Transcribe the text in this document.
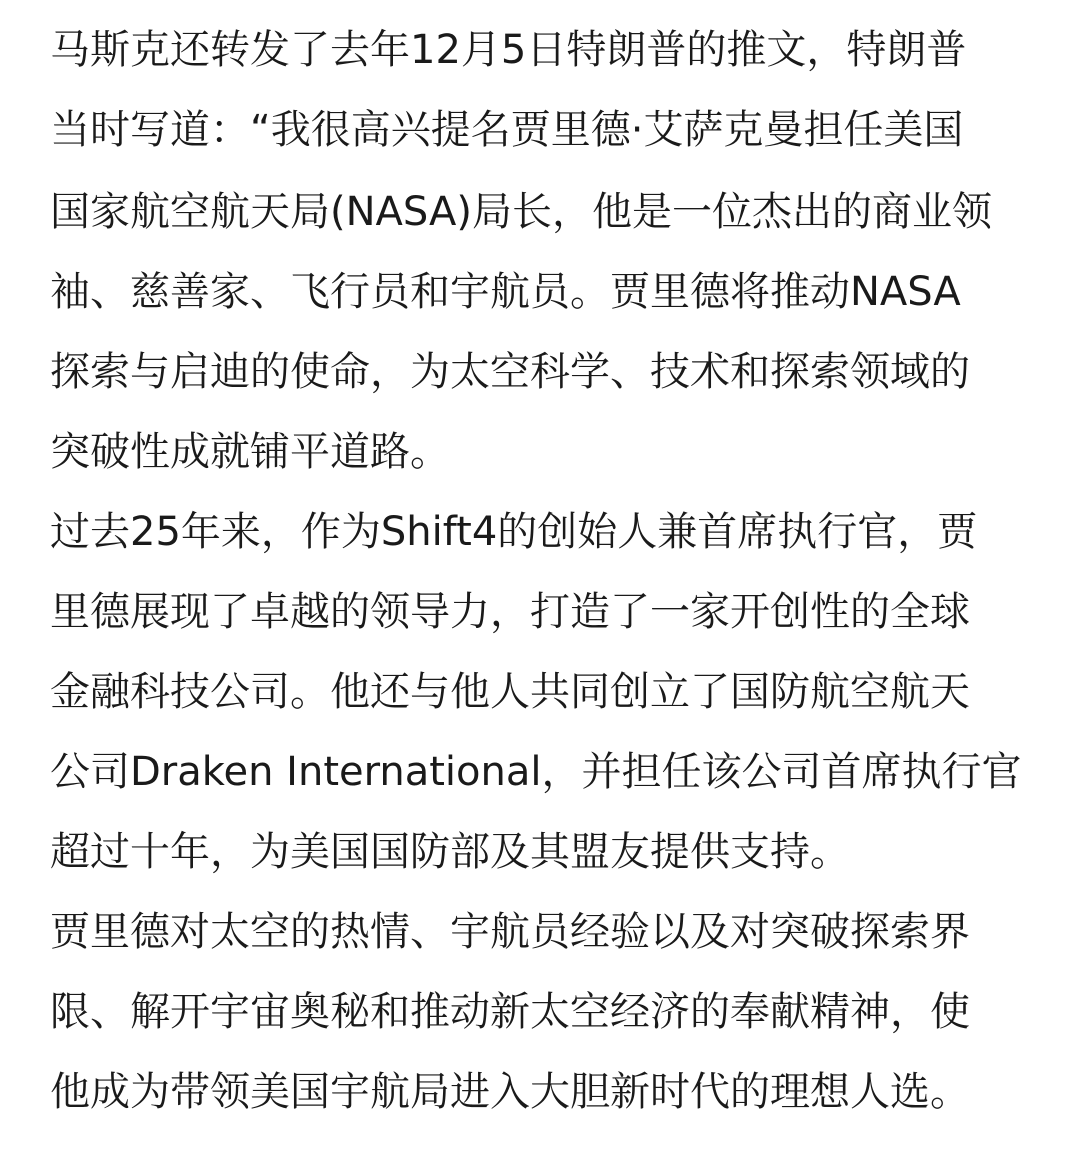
马斯克还转发了去年12月5日特朗普的推文，特朗普

当时写道：“我很高兴提名贾里德·艾萨克曼担任美国

国家航空航天局(NASA)局长，他是一位杰出的商业领

袖、慈善家、飞行员和宇航员。贾里德将推动NASA

探索与启迪的使命，为太空科学、技术和探索领域的

突破性成就铺平道路。

过去25年来，作为Shift4的创始人兼首席执行官，贾

里德展现了卓越的领导力，打造了一家开创性的全球

金融科技公司。他还与他人共同创立了国防航空航天

公司Draken International，并担任该公司首席执行官

超过十年，为美国国防部及其盟友提供支持。

贾里德对太空的热情、宇航员经验以及对突破探索界

限、解开宇宙奥秘和推动新太空经济的奉献精神，使

他成为带领美国宇航局进入大胆新时代的理想人选。
